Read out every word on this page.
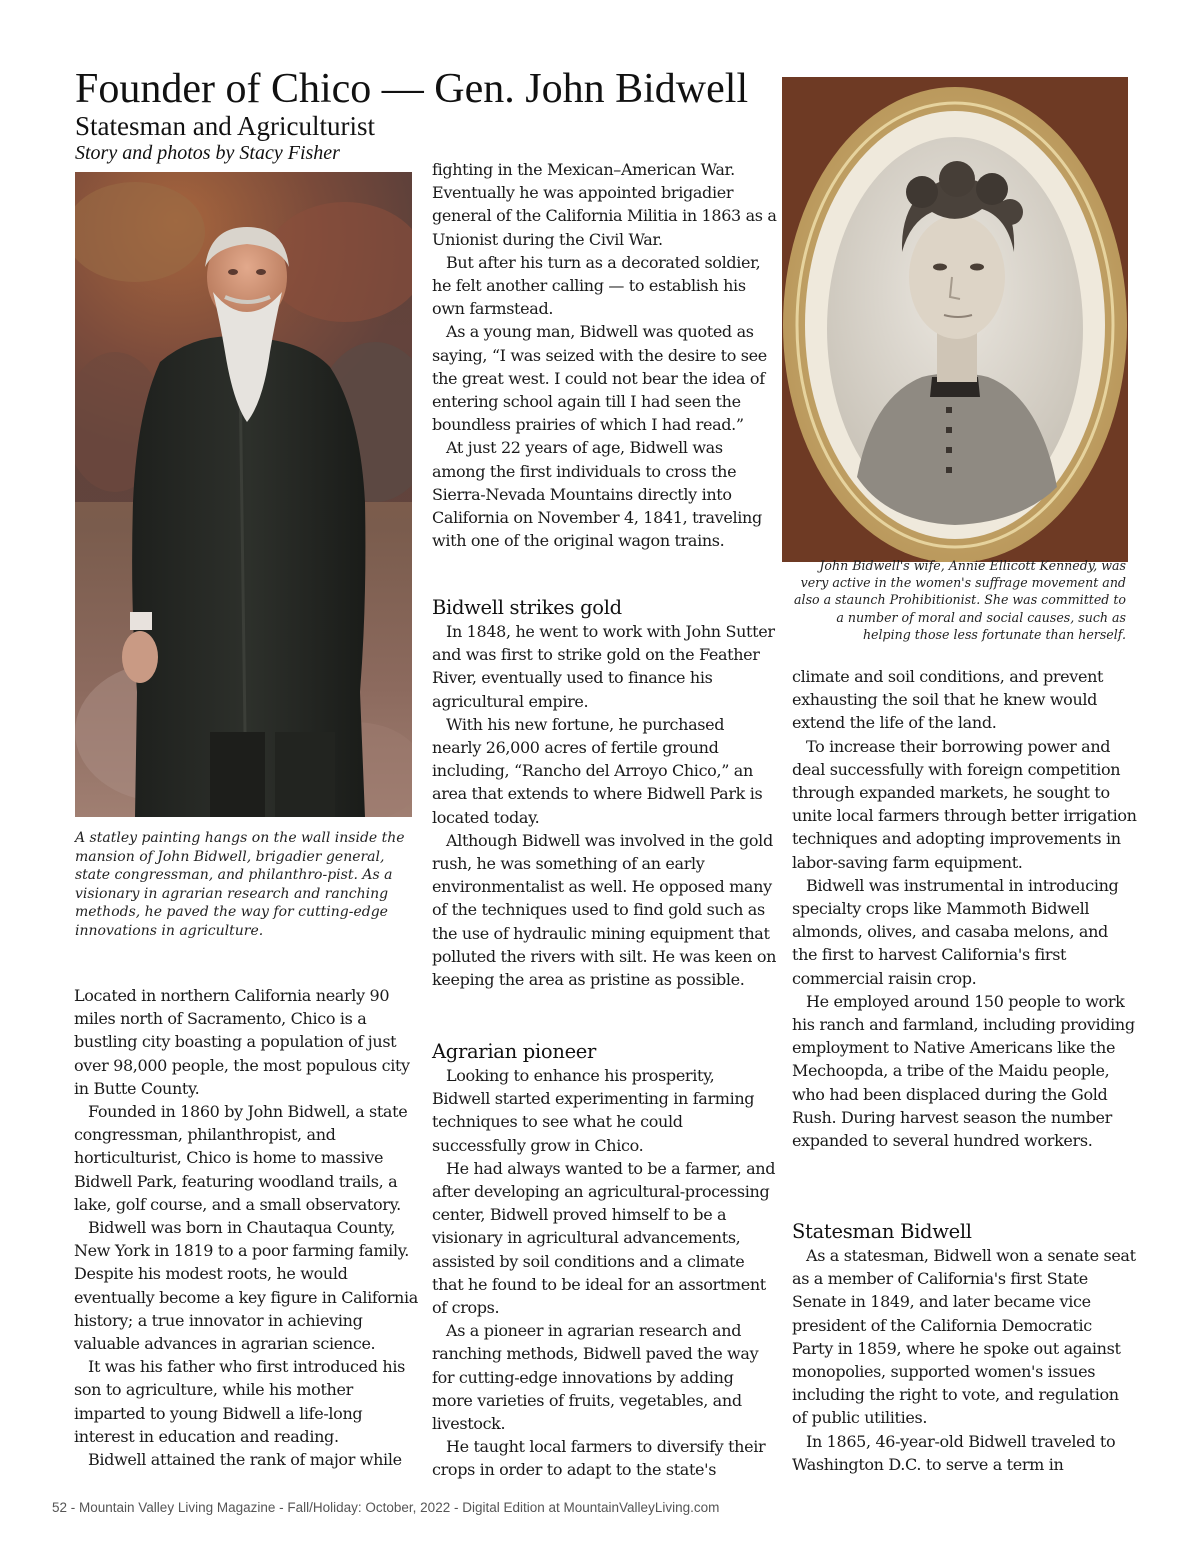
Founder of Chico — Gen. John Bidwell
Statesman and Agriculturist

Story and photos by Stacy Fisher

A statley painting hangs on the wall inside the mansion of John Bidwell, brigadier general, state congressman, and philanthro-pist. As a visionary in agrarian research and ranching methods, he paved the way for cutting-edge innovations in agriculture.

John Bidwell's wife, Annie Ellicott Kennedy, was very active in the women's suffrage movement and also a staunch Prohibitionist. She was committed to a number of moral and social causes, such as helping those less fortunate than herself.

Located in northern California nearly 90 miles north of Sacramento, Chico is a bustling city boasting a population of just over 98,000 people, the most populous city in Butte County.

Founded in 1860 by John Bidwell, a state congressman, philanthropist, and horticulturist, Chico is home to massive Bidwell Park, featuring woodland trails, a lake, golf course, and a small observatory.

Bidwell was born in Chautaqua County, New York in 1819 to a poor farming family. Despite his modest roots, he would eventually become a key figure in California history; a true innovator in achieving valuable advances in agrarian science.

It was his father who first introduced his son to agriculture, while his mother imparted to young Bidwell a life-long interest in education and reading.

Bidwell attained the rank of major while

fighting in the Mexican–American War. Eventually he was appointed brigadier general of the California Militia in 1863 as a Unionist during the Civil War.

But after his turn as a decorated soldier, he felt another calling — to establish his own farmstead.

As a young man, Bidwell was quoted as saying, “I was seized with the desire to see the great west. I could not bear the idea of entering school again till I had seen the boundless prairies of which I had read.”

At just 22 years of age, Bidwell was among the first individuals to cross the Sierra-Nevada Mountains directly into California on November 4, 1841, traveling with one of the original wagon trains.

Bidwell strikes gold

In 1848, he went to work with John Sutter and was first to strike gold on the Feather River, eventually used to finance his agricultural empire.

With his new fortune, he purchased nearly 26,000 acres of fertile ground including, “Rancho del Arroyo Chico,” an area that extends to where Bidwell Park is located today.

Although Bidwell was involved in the gold rush, he was something of an early environmentalist as well. He opposed many of the techniques used to find gold such as the use of hydraulic mining equipment that polluted the rivers with silt. He was keen on keeping the area as pristine as possible.

Agrarian pioneer

Looking to enhance his prosperity, Bidwell started experimenting in farming techniques to see what he could successfully grow in Chico.

He had always wanted to be a farmer, and after developing an agricultural-processing center, Bidwell proved himself to be a visionary in agricultural advancements, assisted by soil conditions and a climate that he found to be ideal for an assortment of crops.

As a pioneer in agrarian research and ranching methods, Bidwell paved the way for cutting-edge innovations by adding more varieties of fruits, vegetables, and livestock.

He taught local farmers to diversify their crops in order to adapt to the state's

climate and soil conditions, and prevent exhausting the soil that he knew would extend the life of the land.

To increase their borrowing power and deal successfully with foreign competition through expanded markets, he sought to unite local farmers through better irrigation techniques and adopting improvements in labor-saving farm equipment.

Bidwell was instrumental in introducing specialty crops like Mammoth Bidwell almonds, olives, and casaba melons, and the first to harvest California's first commercial raisin crop.

He employed around 150 people to work his ranch and farmland, including providing employment to Native Americans like the Mechoopda, a tribe of the Maidu people, who had been displaced during the Gold Rush. During harvest season the number expanded to several hundred workers.

Statesman Bidwell

As a statesman, Bidwell won a senate seat as a member of California's first State Senate in 1849, and later became vice president of the California Democratic Party in 1859, where he spoke out against monopolies, supported women's issues including the right to vote, and regulation of public utilities.

In 1865, 46-year-old Bidwell traveled to Washington D.C. to serve a term in

52 - Mountain Valley Living Magazine - Fall/Holiday: October, 2022 - Digital Edition at MountainValleyLiving.com
